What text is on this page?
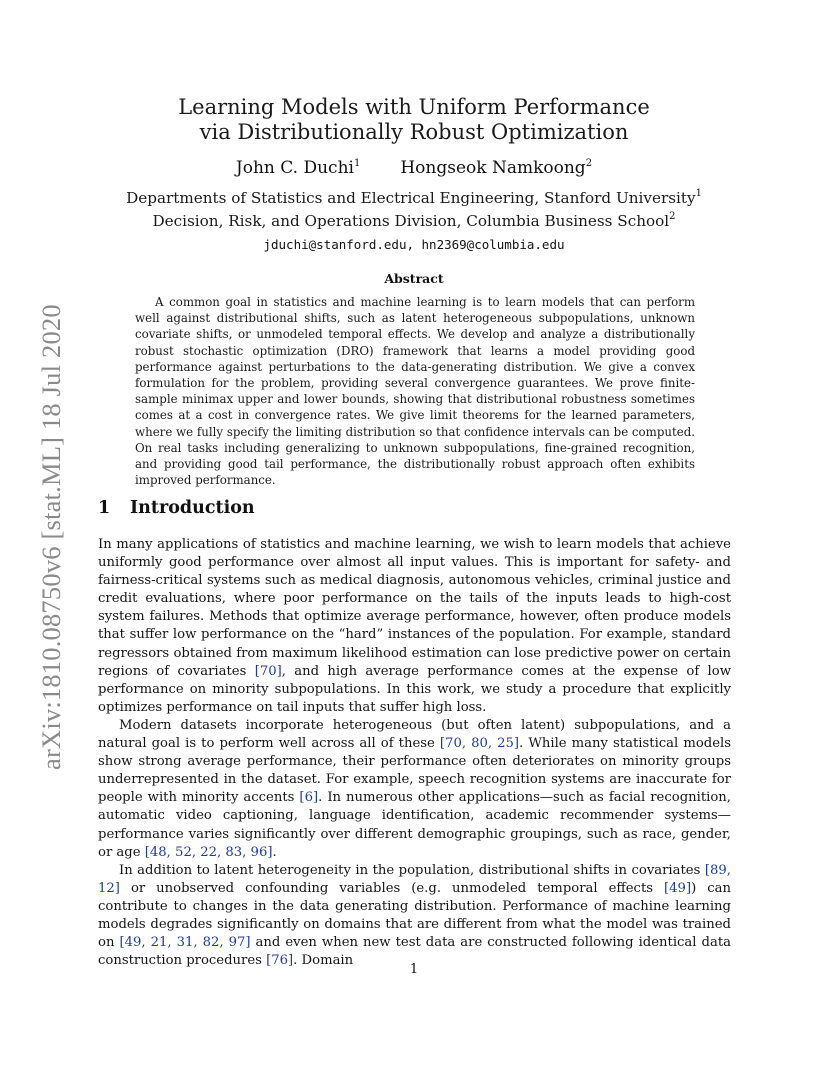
arXiv:1810.08750v6 [stat.ML] 18 Jul 2020
Learning Models with Uniform Performance
via Distributionally Robust Optimization
John C. Duchi$^1$ Hongseok Namkoong$^2$
Departments of Statistics and Electrical Engineering, Stanford University$^1$
Decision, Risk, and Operations Division, Columbia Business School$^2$
jduchi@stanford.edu, hn2369@columbia.edu
Abstract
A common goal in statistics and machine learning is to learn models that can perform well against distributional shifts, such as latent heterogeneous subpopulations, unknown covariate shifts, or unmodeled temporal effects. We develop and analyze a distributionally robust stochastic optimization (DRO) framework that learns a model providing good performance against perturbations to the data-generating distribution. We give a convex formulation for the problem, providing several convergence guarantees. We prove finite-sample minimax upper and lower bounds, showing that distributional robustness sometimes comes at a cost in convergence rates. We give limit theorems for the learned parameters, where we fully specify the limiting distribution so that confidence intervals can be computed. On real tasks including generalizing to unknown subpopulations, fine-grained recognition, and providing good tail performance, the distributionally robust approach often exhibits improved performance.
1 Introduction

In many applications of statistics and machine learning, we wish to learn models that achieve uniformly good performance over almost all input values. This is important for safety- and fairness-critical systems such as medical diagnosis, autonomous vehicles, criminal justice and credit evaluations, where poor performance on the tails of the inputs leads to high-cost system failures. Methods that optimize average performance, however, often produce models that suffer low performance on the “hard” instances of the population. For example, standard regressors obtained from maximum likelihood estimation can lose predictive power on certain regions of covariates [70], and high average performance comes at the expense of low performance on minority subpopulations. In this work, we study a procedure that explicitly optimizes performance on tail inputs that suffer high loss.

Modern datasets incorporate heterogeneous (but often latent) subpopulations, and a natural goal is to perform well across all of these [70, 80, 25]. While many statistical models show strong average performance, their performance often deteriorates on minority groups underrepresented in the dataset. For example, speech recognition systems are inaccurate for people with minority accents [6]. In numerous other applications—such as facial recognition, automatic video captioning, language identification, academic recommender systems—performance varies significantly over different demographic groupings, such as race, gender, or age [48, 52, 22, 83, 96].

In addition to latent heterogeneity in the population, distributional shifts in covariates [89, 12] or unobserved confounding variables (e.g. unmodeled temporal effects [49]) can contribute to changes in the data generating distribution. Performance of machine learning models degrades significantly on domains that are different from what the model was trained on [49, 21, 31, 82, 97] and even when new test data are constructed following identical data construction procedures [76]. Domain

1
